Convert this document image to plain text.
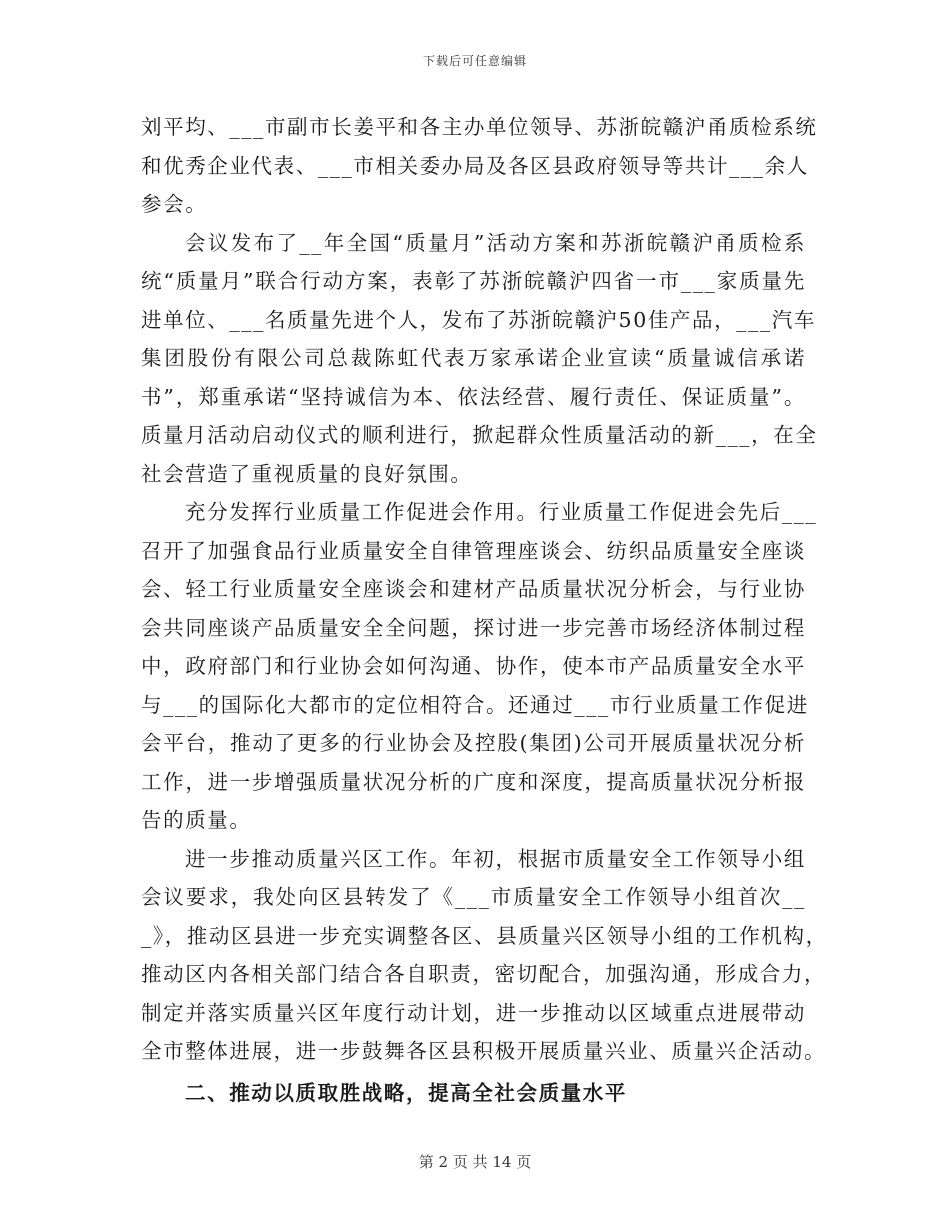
下载后可任意编辑
刘平均、___市副市长姜平和各主办单位领导、苏浙皖赣沪甬质检系统
和优秀企业代表、___市相关委办局及各区县政府领导等共计___余人
参会。
会议发布了__年全国“质量月”活动方案和苏浙皖赣沪甬质检系
统“质量月”联合行动方案，表彰了苏浙皖赣沪四省一市___家质量先
进单位、___名质量先进个人，发布了苏浙皖赣沪50佳产品，___汽车
集团股份有限公司总裁陈虹代表万家承诺企业宣读“质量诚信承诺
书”，郑重承诺“坚持诚信为本、依法经营、履行责任、保证质量”。
质量月活动启动仪式的顺利进行，掀起群众性质量活动的新___，在全
社会营造了重视质量的良好氛围。
充分发挥行业质量工作促进会作用。行业质量工作促进会先后___
召开了加强食品行业质量安全自律管理座谈会、纺织品质量安全座谈
会、轻工行业质量安全座谈会和建材产品质量状况分析会，与行业协
会共同座谈产品质量安全全问题，探讨进一步完善市场经济体制过程
中，政府部门和行业协会如何沟通、协作，使本市产品质量安全水平
与___的国际化大都市的定位相符合。还通过___市行业质量工作促进
会平台，推动了更多的行业协会及控股(集团)公司开展质量状况分析
工作，进一步增强质量状况分析的广度和深度，提高质量状况分析报
告的质量。
进一步推动质量兴区工作。年初，根据市质量安全工作领导小组
会议要求，我处向区县转发了《___市质量安全工作领导小组首次__
_》，推动区县进一步充实调整各区、县质量兴区领导小组的工作机构，
推动区内各相关部门结合各自职责，密切配合，加强沟通，形成合力，
制定并落实质量兴区年度行动计划，进一步推动以区域重点进展带动
全市整体进展，进一步鼓舞各区县积极开展质量兴业、质量兴企活动。
二、推动以质取胜战略，提高全社会质量水平
第 2 页 共 14 页
